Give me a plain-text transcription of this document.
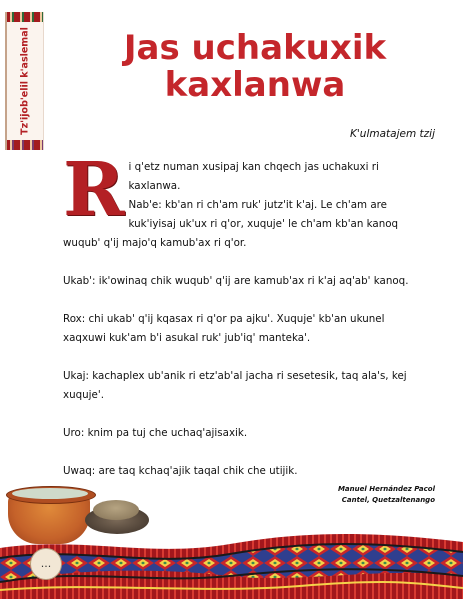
Tz'ijob'elil k'aslemal	Jas uchakuxik
kaxlanwa
K'ulmatajem tzij

R i q'etz numan xusipaj kan chqech jas uchakuxi ri kaxlanwa.
Nab'e: kb'an ri ch'am ruk' jutz'it k'aj. Le ch'am are kuk'iyisaj uk'ux ri q'or, xuquje' le ch'am kb'an kanoq wuqub' q'ij majo'q kamub'ax ri q'or.

Ukab': ik'owinaq chik wuqub' q'ij are kamub'ax ri k'aj aq'ab' kanoq.

Rox: chi ukab' q'ij kqasax ri q'or pa ajku'. Xuquje' kb'an ukunel xaqxuwi kuk'am b'i asukal ruk' jub'iq' manteka'.

Ukaj: kachaplex ub'anik ri etz'ab'al jacha ri sesetesik, taq ala's, kej xuquje'.

Uro: knim pa tuj che uchaq'ajisaxik.

Uwaq: are taq kchaq'ajik taqal chik che utijik.

Manuel Hernández Pacol
Cantel, Quetzaltenango
...
